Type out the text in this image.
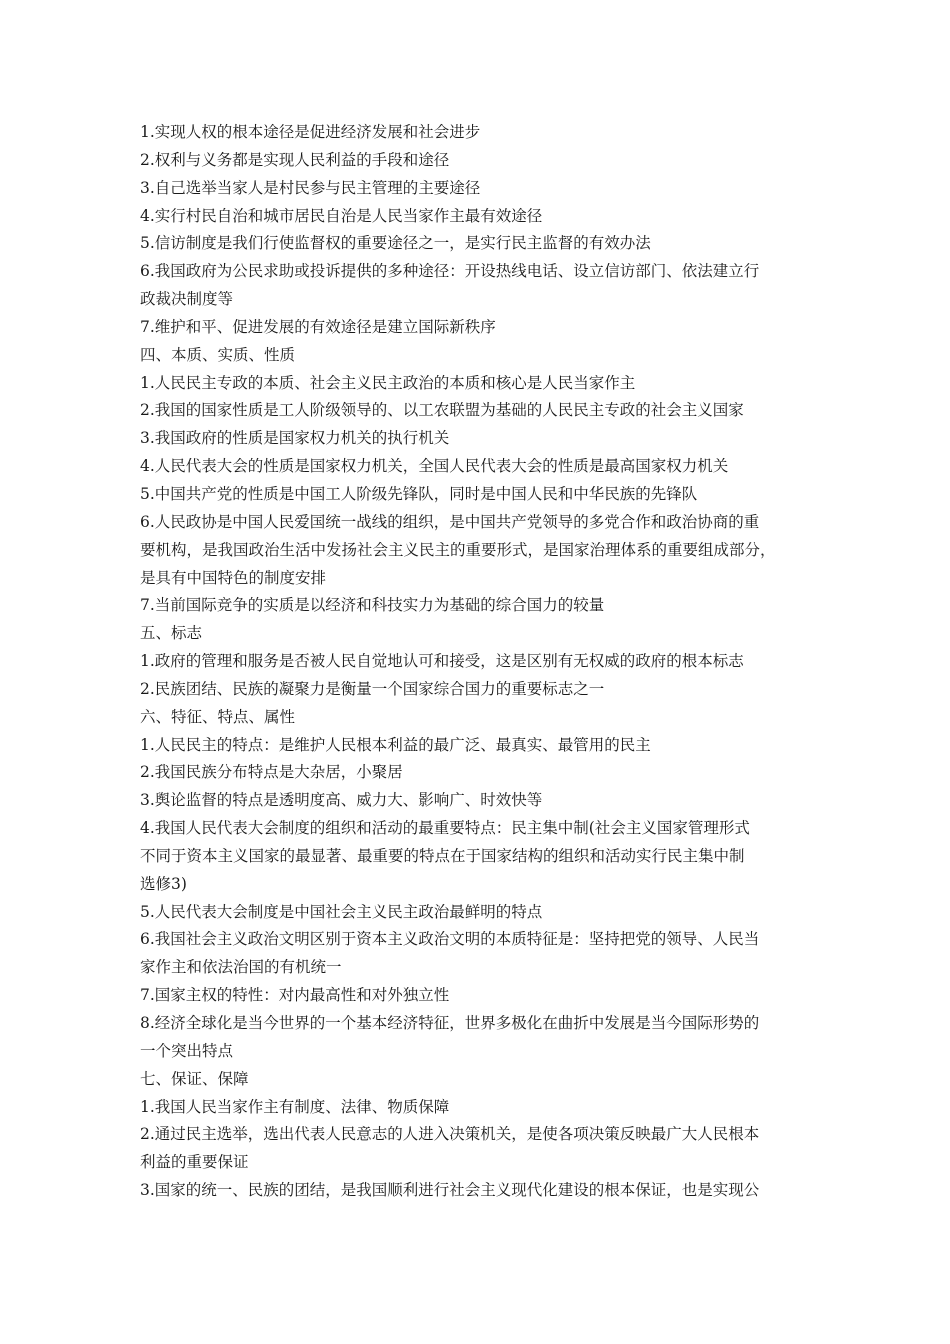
1.实现人权的根本途径是促进经济发展和社会进步
2.权利与义务都是实现人民利益的手段和途径
3.自己选举当家人是村民参与民主管理的主要途径
4.实行村民自治和城市居民自治是人民当家作主最有效途径
5.信访制度是我们行使监督权的重要途径之一，是实行民主监督的有效办法
6.我国政府为公民求助或投诉提供的多种途径：开设热线电话、设立信访部门、依法建立行
政裁决制度等
7.维护和平、促进发展的有效途径是建立国际新秩序
四、本质、实质、性质
1.人民民主专政的本质、社会主义民主政治的本质和核心是人民当家作主
2.我国的国家性质是工人阶级领导的、以工农联盟为基础的人民民主专政的社会主义国家
3.我国政府的性质是国家权力机关的执行机关
4.人民代表大会的性质是国家权力机关，全国人民代表大会的性质是最高国家权力机关
5.中国共产党的性质是中国工人阶级先锋队，同时是中国人民和中华民族的先锋队
6.人民政协是中国人民爱国统一战线的组织，是中国共产党领导的多党合作和政治协商的重
要机构，是我国政治生活中发扬社会主义民主的重要形式，是国家治理体系的重要组成部分，
是具有中国特色的制度安排
7.当前国际竞争的实质是以经济和科技实力为基础的综合国力的较量
五、标志
1.政府的管理和服务是否被人民自觉地认可和接受，这是区别有无权威的政府的根本标志
2.民族团结、民族的凝聚力是衡量一个国家综合国力的重要标志之一
六、特征、特点、属性
1.人民民主的特点：是维护人民根本利益的最广泛、最真实、最管用的民主
2.我国民族分布特点是大杂居，小聚居
3.舆论监督的特点是透明度高、威力大、影响广、时效快等
4.我国人民代表大会制度的组织和活动的最重要特点：民主集中制(社会主义国家管理形式
不同于资本主义国家的最显著、最重要的特点在于国家结构的组织和活动实行民主集中制
选修3)
5.人民代表大会制度是中国社会主义民主政治最鲜明的特点
6.我国社会主义政治文明区别于资本主义政治文明的本质特征是：坚持把党的领导、人民当
家作主和依法治国的有机统一
7.国家主权的特性：对内最高性和对外独立性
8.经济全球化是当今世界的一个基本经济特征，世界多极化在曲折中发展是当今国际形势的
一个突出特点
七、保证、保障
1.我国人民当家作主有制度、法律、物质保障
2.通过民主选举，选出代表人民意志的人进入决策机关，是使各项决策反映最广大人民根本
利益的重要保证
3.国家的统一、民族的团结，是我国顺利进行社会主义现代化建设的根本保证，也是实现公
